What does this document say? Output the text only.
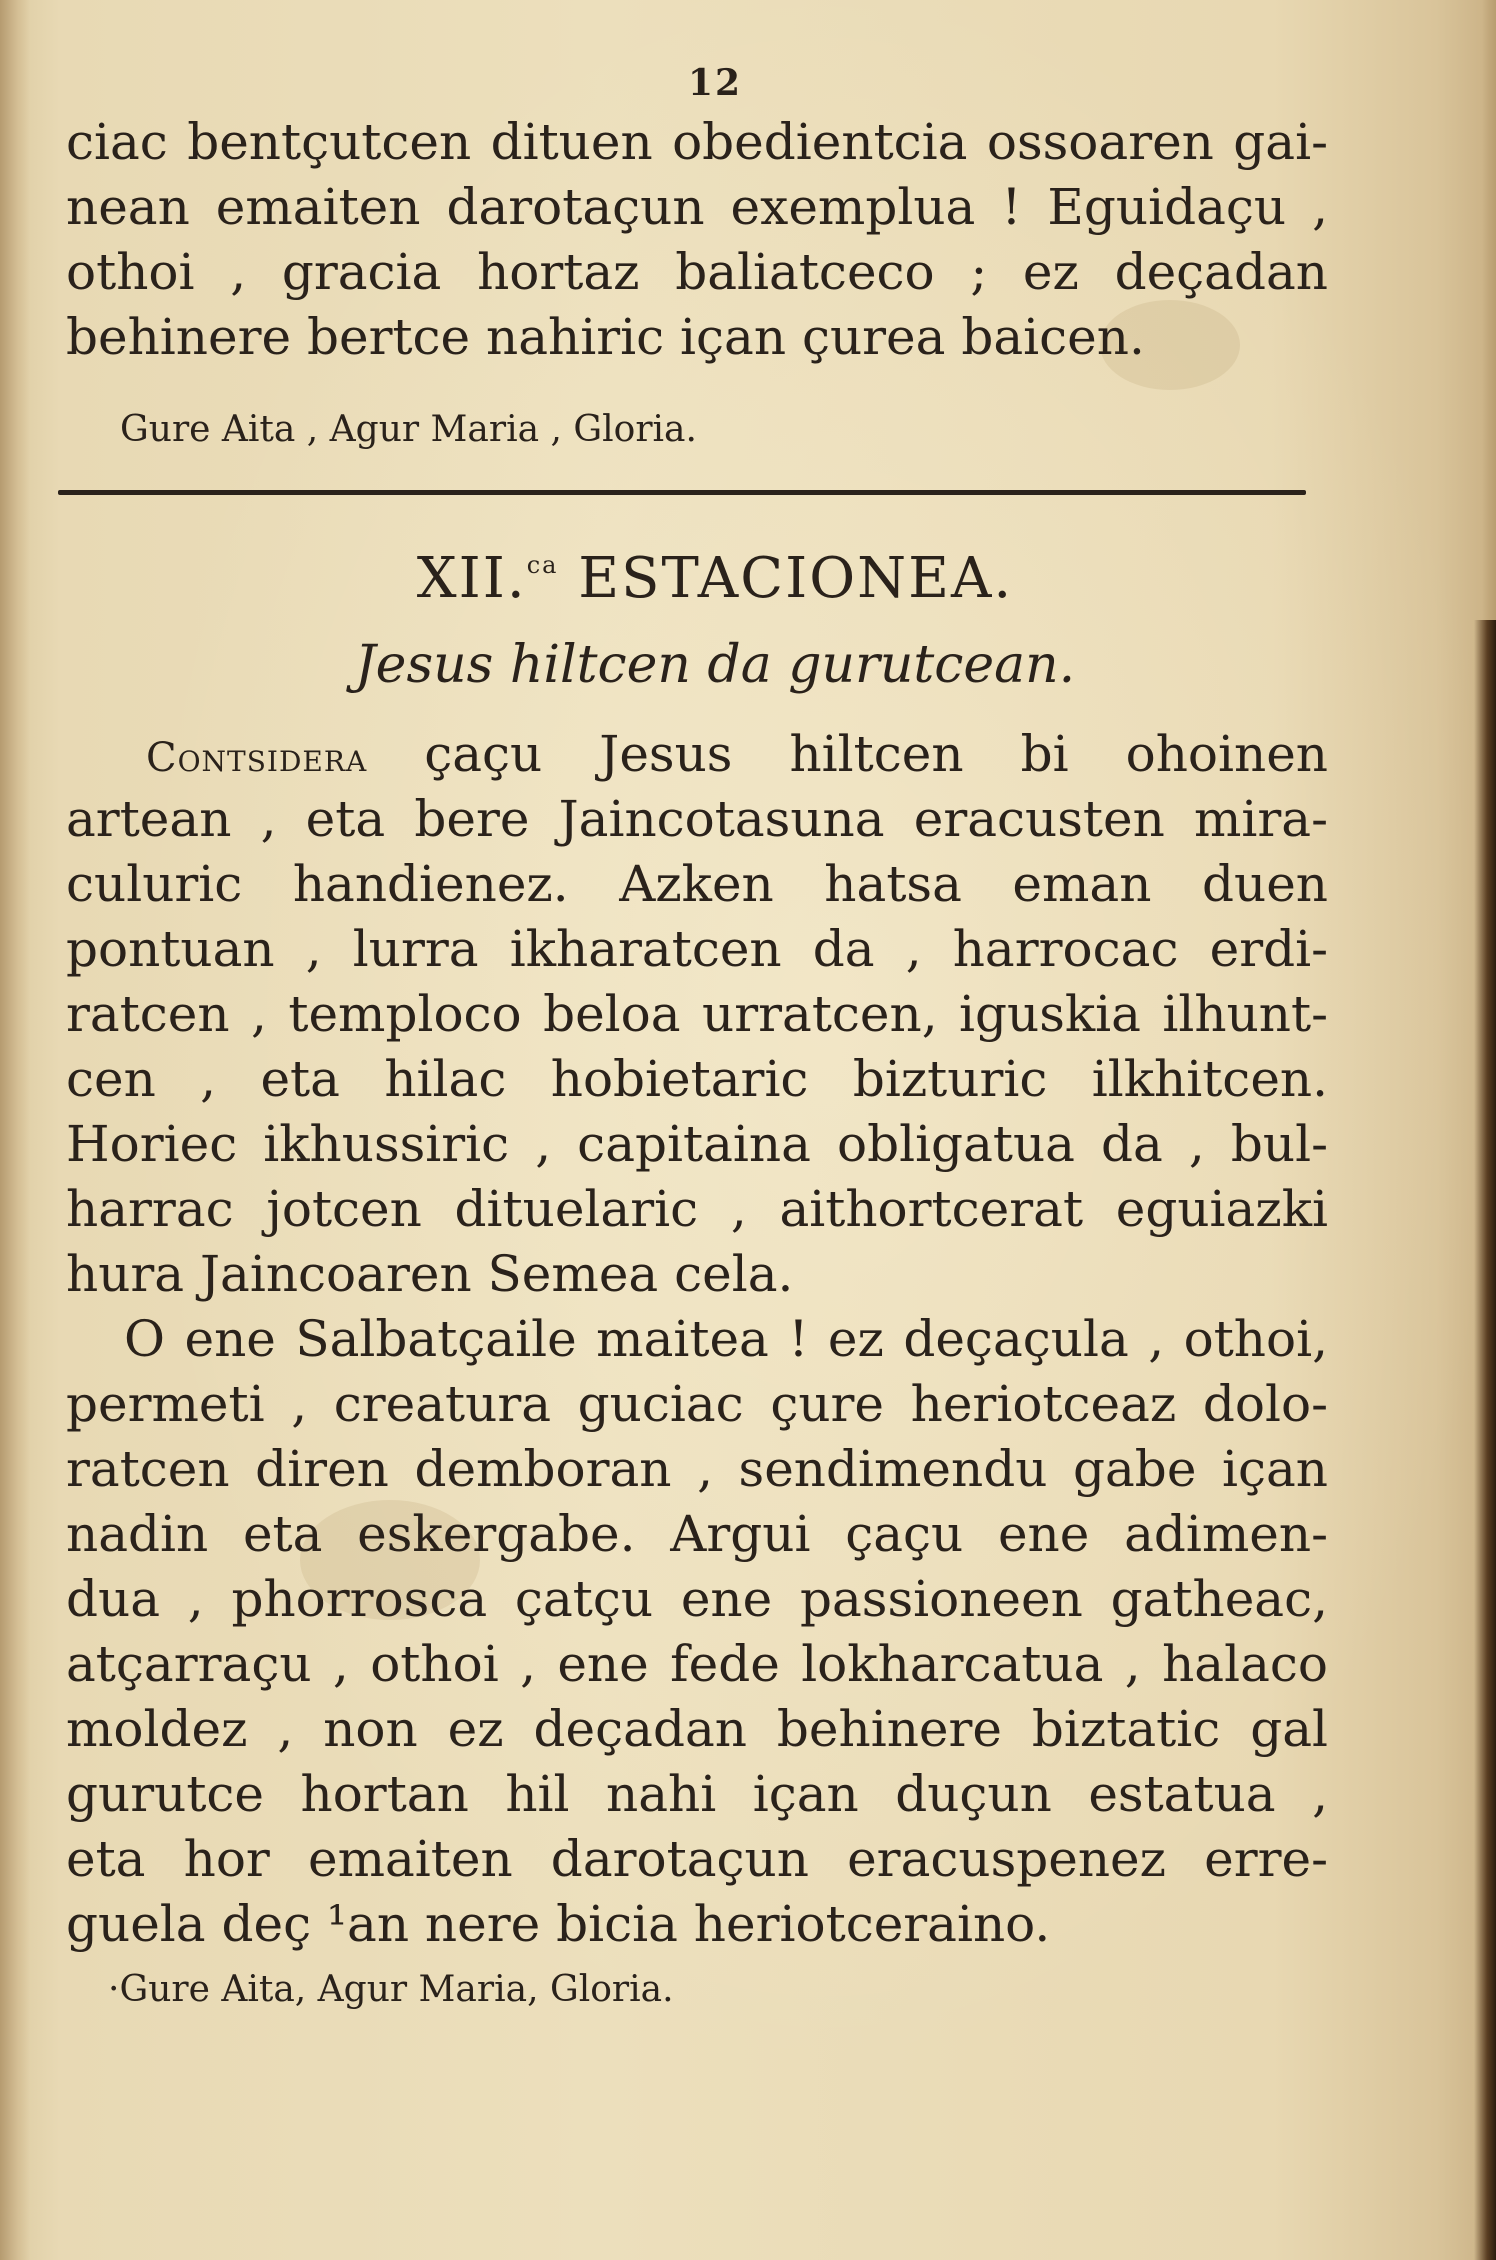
12

ciac bentçutcen dituen obedientcia ossoaren gai-
nean emaiten darotaçun exemplua ! Eguidaçu ,
othoi , gracia hortaz baliatceco ; ez deçadan
behinere bertce nahiric içan çurea baicen.
Gure Aita , Agur Maria , Gloria.
XII.$^{ca}$ ESTACIONEA.

Jesus hiltcen da gurutcean.

Contsidera çaçu Jesus hiltcen bi ohoinen
artean , eta bere Jaincotasuna eracusten mira-
culuric handienez. Azken hatsa eman duen
pontuan , lurra ikharatcen da , harrocac erdi-
ratcen , temploco beloa urratcen, iguskia ilhunt-
cen , eta hilac hobietaric bizturic ilkhitcen.
Horiec ikhussiric , capitaina obligatua da , bul-
harrac jotcen dituelaric , aithortcerat eguiazki
hura Jaincoaren Semea cela.
O ene Salbatçaile maitea ! ez deçaçula , othoi,
permeti , creatura guciac çure heriotceaz dolo-
ratcen diren demboran , sendimendu gabe içan
nadin eta eskergabe. Argui çaçu ene adimen-
dua , phorrosca çatçu ene passioneen gatheac,
atçarraçu , othoi , ene fede lokharcatua , halaco
moldez , non ez deçadan behinere biztatic gal
gurutce hortan hil nahi içan duçun estatua ,
eta hor emaiten darotaçun eracuspenez erre-
guela deç ¹an nere bicia heriotceraino.
·Gure Aita, Agur Maria, Gloria.
